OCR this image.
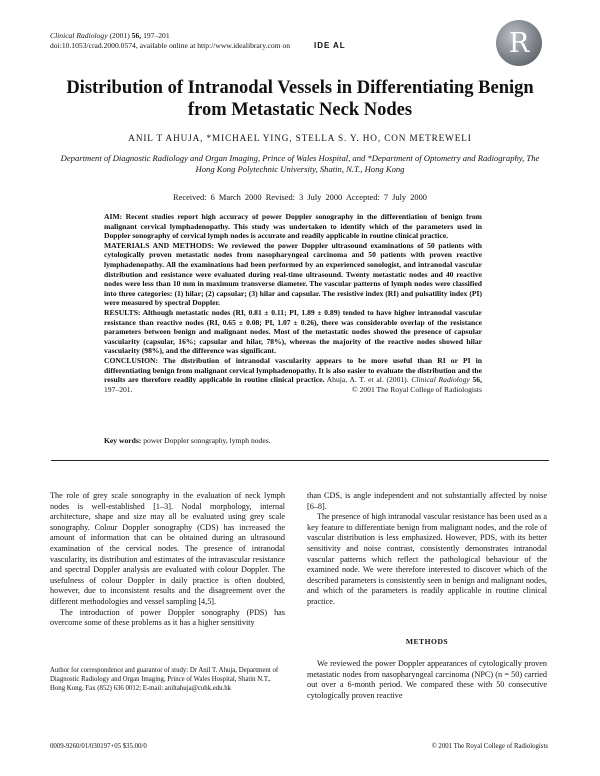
Clinical Radiology (2001) 56, 197–201
doi:10.1053/crad.2000.0574, available online at http://www.idealibrary.com on	IDE AL	R
Distribution of Intranodal Vessels in Differentiating Benign
from Metastatic Neck Nodes
ANIL T AHUJA, *MICHAEL YING, STELLA S. Y. HO, CON METREWELI
Department of Diagnostic Radiology and Organ Imaging, Prince of Wales Hospital, and *Department of Optometry and Radiography, The Hong Kong Polytechnic University, Shatin, N.T., Hong Kong
Received: 6 March 2000 Revised: 3 July 2000 Accepted: 7 July 2000

AIM: Recent studies report high accuracy of power Doppler sonography in the differentiation of benign from malignant cervical lymphadenopathy. This study was undertaken to identify which of the parameters used in Doppler sonography of cervical lymph nodes is accurate and readily applicable in routine clinical practice.

MATERIALS AND METHODS: We reviewed the power Doppler ultrasound examinations of 50 patients with cytologically proven metastatic nodes from nasopharyngeal carcinoma and 50 patients with proven reactive lymphadenopathy. All the examinations had been performed by an experienced sonologist, and intranodal vascular distribution and resistance were evaluated during real-time ultrasound. Twenty metastatic nodes and 40 reactive nodes were less than 10 mm in maximum transverse diameter. The vascular patterns of lymph nodes were classified into three categories: (1) hilar; (2) capsular; (3) hilar and capsular. The resistive index (RI) and pulsatility index (PI) were measured by spectral Doppler.

RESULTS: Although metastatic nodes (RI, 0.81 ± 0.11; PI, 1.89 ± 0.89) tended to have higher intranodal vascular resistance than reactive nodes (RI, 0.65 ± 0.08; PI, 1.07 ± 0.26), there was considerable overlap of the resistance parameters between benign and malignant nodes. Most of the metastatic nodes showed the presence of capsular vascularity (capsular, 16%; capsular and hilar, 78%), whereas the majority of the reactive nodes showed hilar vascularity (98%), and the difference was significant.

CONCLUSION: The distribution of intranodal vascularity appears to be more useful than RI or PI in differentiating benign from malignant cervical lymphadenopathy. It is also easier to evaluate the distribution and the results are therefore readily applicable in routine clinical practice. Ahuja, A. T. et al. (2001). Clinical Radiology 56, 197–201.	© 2001 The Royal College of Radiologists

Key words: power Doppler sonography, lymph nodes.

The role of grey scale sonography in the evaluation of neck lymph nodes is well-established [1–3]. Nodal morphology, internal architecture, shape and size may all be evaluated using grey scale sonography. Colour Doppler sonography (CDS) has increased the amount of information that can be obtained during an ultrasound examination of the cervical nodes. The presence of intranodal vascularity, its distribution and estimates of the intravascular resistance and spectral Doppler analysis are evaluated with colour Doppler. The usefulness of colour Doppler in daily practice is often doubted, however, due to inconsistent results and the disagreement over the different methodologies and vessel sampling [4,5].

The introduction of power Doppler sonography (PDS) has overcome some of these problems as it has a higher sensitivity

than CDS, is angle independent and not substantially affected by noise [6–8].

The presence of high intranodal vascular resistance has been used as a key feature to differentiate benign from malignant nodes, and the role of vascular distribution is less emphasized. However, PDS, with its better sensitivity and noise contrast, consistently demonstrates intranodal vascular patterns which reflect the pathological behaviour of the examined node. We were therefore interested to discover which of the described parameters is consistently seen in benign and malignant nodes, and which of the parameters is readily applicable in routine clinical practice.

METHODS

We reviewed the power Doppler appearances of cytologically proven metastatic nodes from nasopharyngeal carcinoma (NPC) (n = 50) carried out over a 6-month period. We compared these with 50 consecutive cytologically proven reactive

Author for correspondence and guarantor of study: Dr Anil T. Ahuja, Department of Diagnostic Radiology and Organ Imaging, Prince of Wales Hospital, Shatin N.T., Hong Kong. Fax (852) 636 0012; E-mail: aniltahuja@cuhk.edu.hk
0009-9260/01/030197+05 $35.00/0	© 2001 The Royal College of Radiologists
